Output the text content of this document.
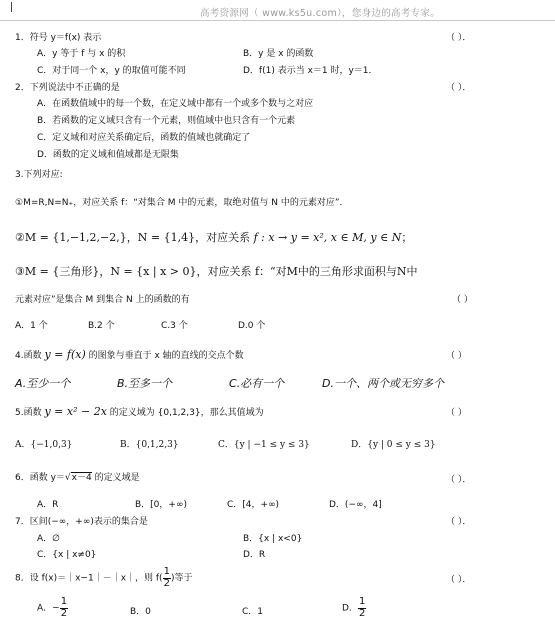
高考资源网（ www.ks5u.com），您身边的高考专家。
1．符号 y＝f(x) 表示	（ ）．
A．y 等于 f 与 x 的积	B．y 是 x 的函数
C．对于同一个 x，y 的取值可能不同	D．f(1) 表示当 x＝1 时，y＝1．
2．下列说法中不正确的是	（ ）．
A．在函数值域中的每一个数，在定义域中都有一个或多个数与之对应
B．若函数的定义域只含有一个元素，则值域中也只含有一个元素
C．定义域和对应关系确定后，函数的值域也就确定了
D．函数的定义域和值域都是无限集
3.下列对应:
①M=R,N=N₊，对应关系 f：“对集合 M 中的元素，取绝对值与 N 中的元素对应”．
②M = {1,−1,2,−2,}，N = {1,4}，对应关系 f : x → y = x², x ∈ M, y ∈ N；
③M = {三角形}，N = {x | x > 0}，对应关系 f：“对M中的三角形求面积与N中
元素对应”是集合 M 到集合 N 上的函数的有	（ ）
A．1 个	B.2 个	C.3 个	D.0 个
4.函数 y = f(x) 的图象与垂直于 x 轴的直线的交点个数	（ ）
A.至少一个	B.至多一个	C.必有一个	D.一个、两个或无穷多个
5.函数 y = x² − 2x 的定义域为 {0,1,2,3}，那么其值域为	（ ）
A．{−1,0,3}	B．{0,1,2,3}	C．{y | −1 ≤ y ≤ 3}	D．{y | 0 ≤ y ≤ 3}
6．函数 y＝√x－4 的定义域是	（ ）．
A．R	B．[0，+∞)	C．[4，+∞)	D．(−∞，4]
7．区间(−∞，+∞)表示的集合是	（ ）．
A．∅	B．{x | x<0}
C．{x | x≠0}	D．R
8．设 f(x)＝｜x−1｜－｜x｜，则 $f( \frac{1}{2}$ )等于	（ ）．
A．− $\frac{1}{2}$	B．0	C．1	D． $\frac{1}{2}$
